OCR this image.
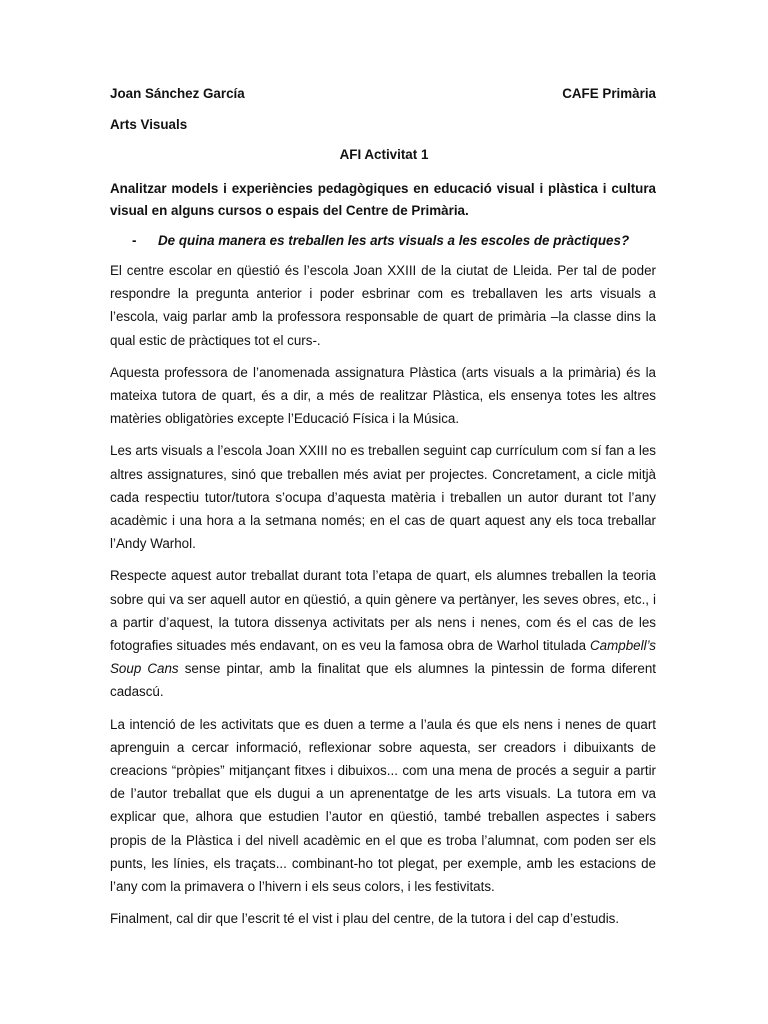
Joan Sánchez García	CAFE Primària
Arts Visuals
AFI Activitat 1
Analitzar models i experiències pedagògiques en educació visual i plàstica i cultura visual en alguns cursos o espais del Centre de Primària.
- De quina manera es treballen les arts visuals a les escoles de pràctiques?

El centre escolar en qüestió és l’escola Joan XXIII de la ciutat de Lleida. Per tal de poder respondre la pregunta anterior i poder esbrinar com es treballaven les arts visuals a l’escola, vaig parlar amb la professora responsable de quart de primària –la classe dins la qual estic de pràctiques tot el curs-.

Aquesta professora de l’anomenada assignatura Plàstica (arts visuals a la primària) és la mateixa tutora de quart, és a dir, a més de realitzar Plàstica, els ensenya totes les altres matèries obligatòries excepte l’Educació Física i la Música.

Les arts visuals a l’escola Joan XXIII no es treballen seguint cap currículum com sí fan a les altres assignatures, sinó que treballen més aviat per projectes. Concretament, a cicle mitjà cada respectiu tutor/tutora s’ocupa d’aquesta matèria i treballen un autor durant tot l’any acadèmic i una hora a la setmana només; en el cas de quart aquest any els toca treballar l’Andy Warhol.

Respecte aquest autor treballat durant tota l’etapa de quart, els alumnes treballen la teoria sobre qui va ser aquell autor en qüestió, a quin gènere va pertànyer, les seves obres, etc., i a partir d’aquest, la tutora dissenya activitats per als nens i nenes, com és el cas de les fotografies situades més endavant, on es veu la famosa obra de Warhol titulada Campbell’s Soup Cans sense pintar, amb la finalitat que els alumnes la pintessin de forma diferent cadascú.

La intenció de les activitats que es duen a terme a l’aula és que els nens i nenes de quart aprenguin a cercar informació, reflexionar sobre aquesta, ser creadors i dibuixants de creacions “pròpies” mitjançant fitxes i dibuixos... com una mena de procés a seguir a partir de l’autor treballat que els dugui a un aprenentatge de les arts visuals. La tutora em va explicar que, alhora que estudien l’autor en qüestió, també treballen aspectes i sabers propis de la Plàstica i del nivell acadèmic en el que es troba l’alumnat, com poden ser els punts, les línies, els traçats... combinant-ho tot plegat, per exemple, amb les estacions de l’any com la primavera o l’hivern i els seus colors, i les festivitats.

Finalment, cal dir que l’escrit té el vist i plau del centre, de la tutora i del cap d’estudis.
